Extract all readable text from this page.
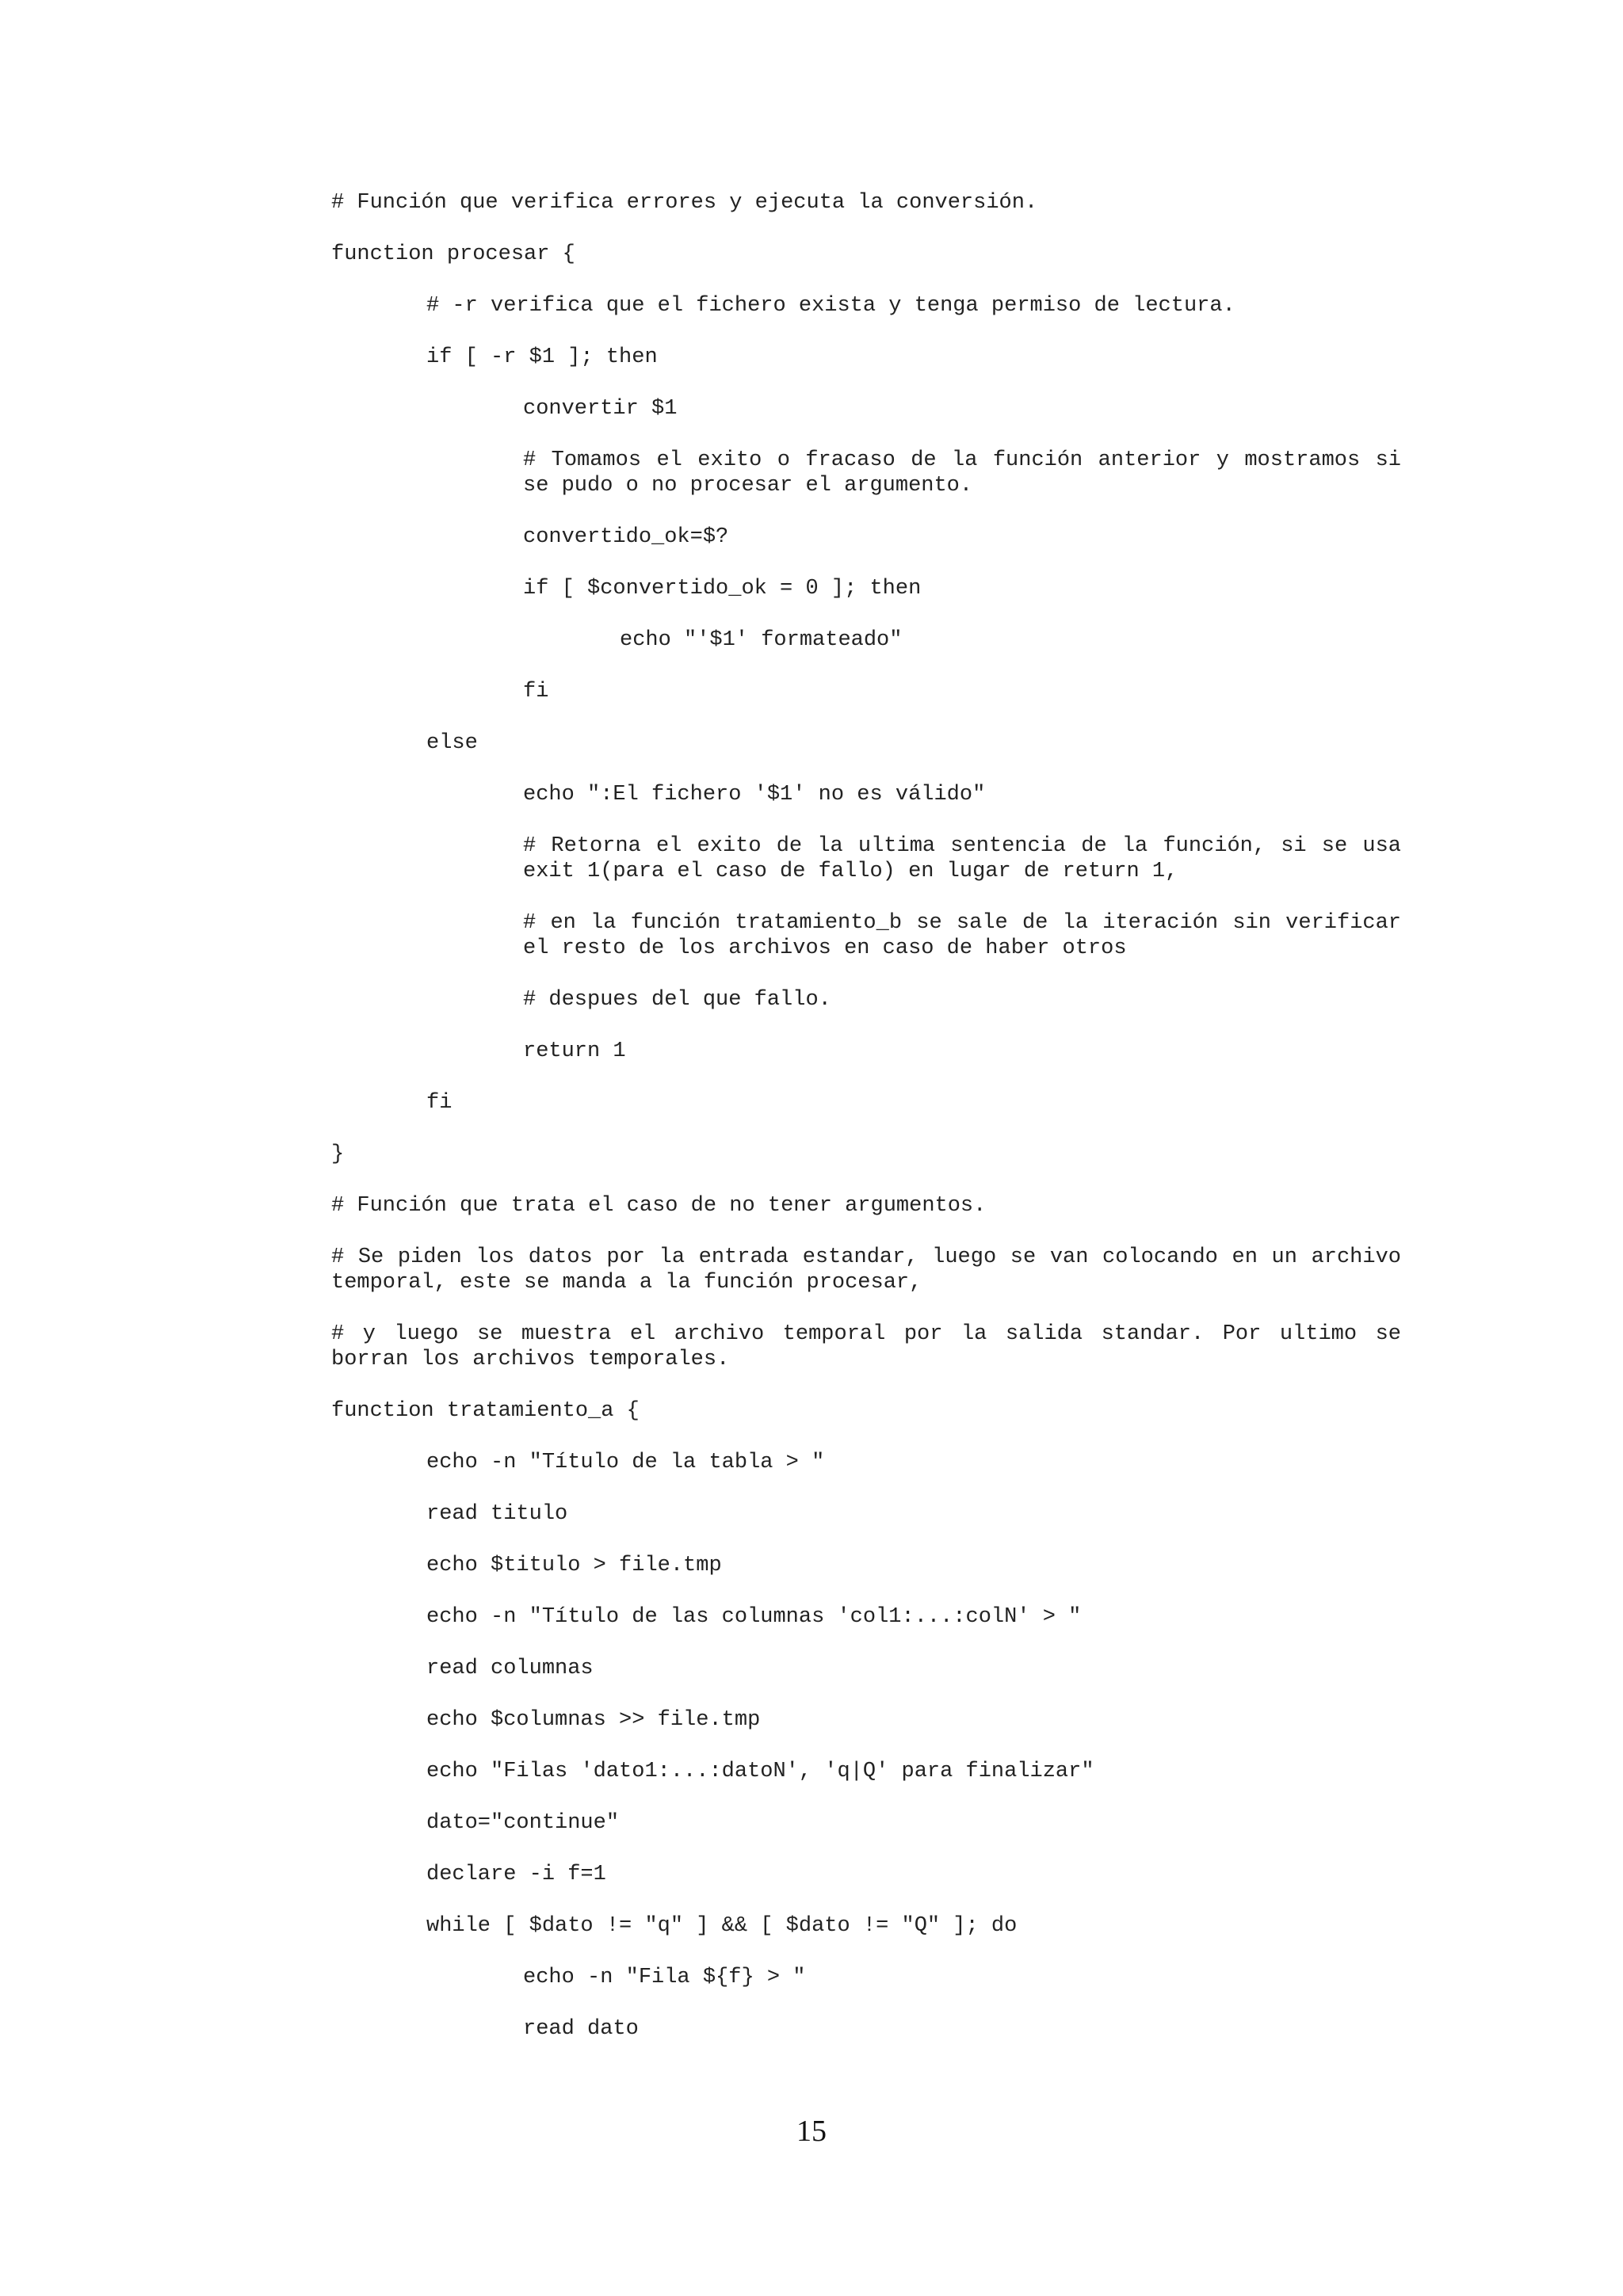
# Función que verifica errores y ejecuta la conversión.
function procesar {
# -r verifica que el fichero exista y tenga permiso de lectura.
if [ -r $1 ]; then
convertir $1
# Tomamos el exito o fracaso de la función anterior y mostramos si se pudo o no procesar el argumento.
convertido_ok=$?
if [ $convertido_ok = 0 ]; then
echo "'$1' formateado"
fi
else
echo ":El fichero '$1' no es válido"
# Retorna el exito de la ultima sentencia de la función, si se usa exit 1(para el caso de fallo) en lugar de return 1,
# en la función tratamiento_b se sale de la iteración sin verificar el resto de los archivos en caso de haber otros
# despues del que fallo.
return 1
fi
}
# Función que trata el caso de no tener argumentos.
# Se piden los datos por la entrada estandar, luego se van colocando en un archivo temporal, este se manda a la función procesar,
# y luego se muestra el archivo temporal por la salida standar. Por ultimo se borran los archivos temporales.
function tratamiento_a {
echo -n "Título de la tabla > "
read titulo
echo $titulo > file.tmp
echo -n "Título de las columnas 'col1:...:colN' > "
read columnas
echo $columnas >> file.tmp
echo "Filas 'dato1:...:datoN', 'q|Q' para finalizar"
dato="continue"
declare -i f=1
while [ $dato != "q" ] && [ $dato != "Q" ]; do
echo -n "Fila ${f} > "
read dato
15
